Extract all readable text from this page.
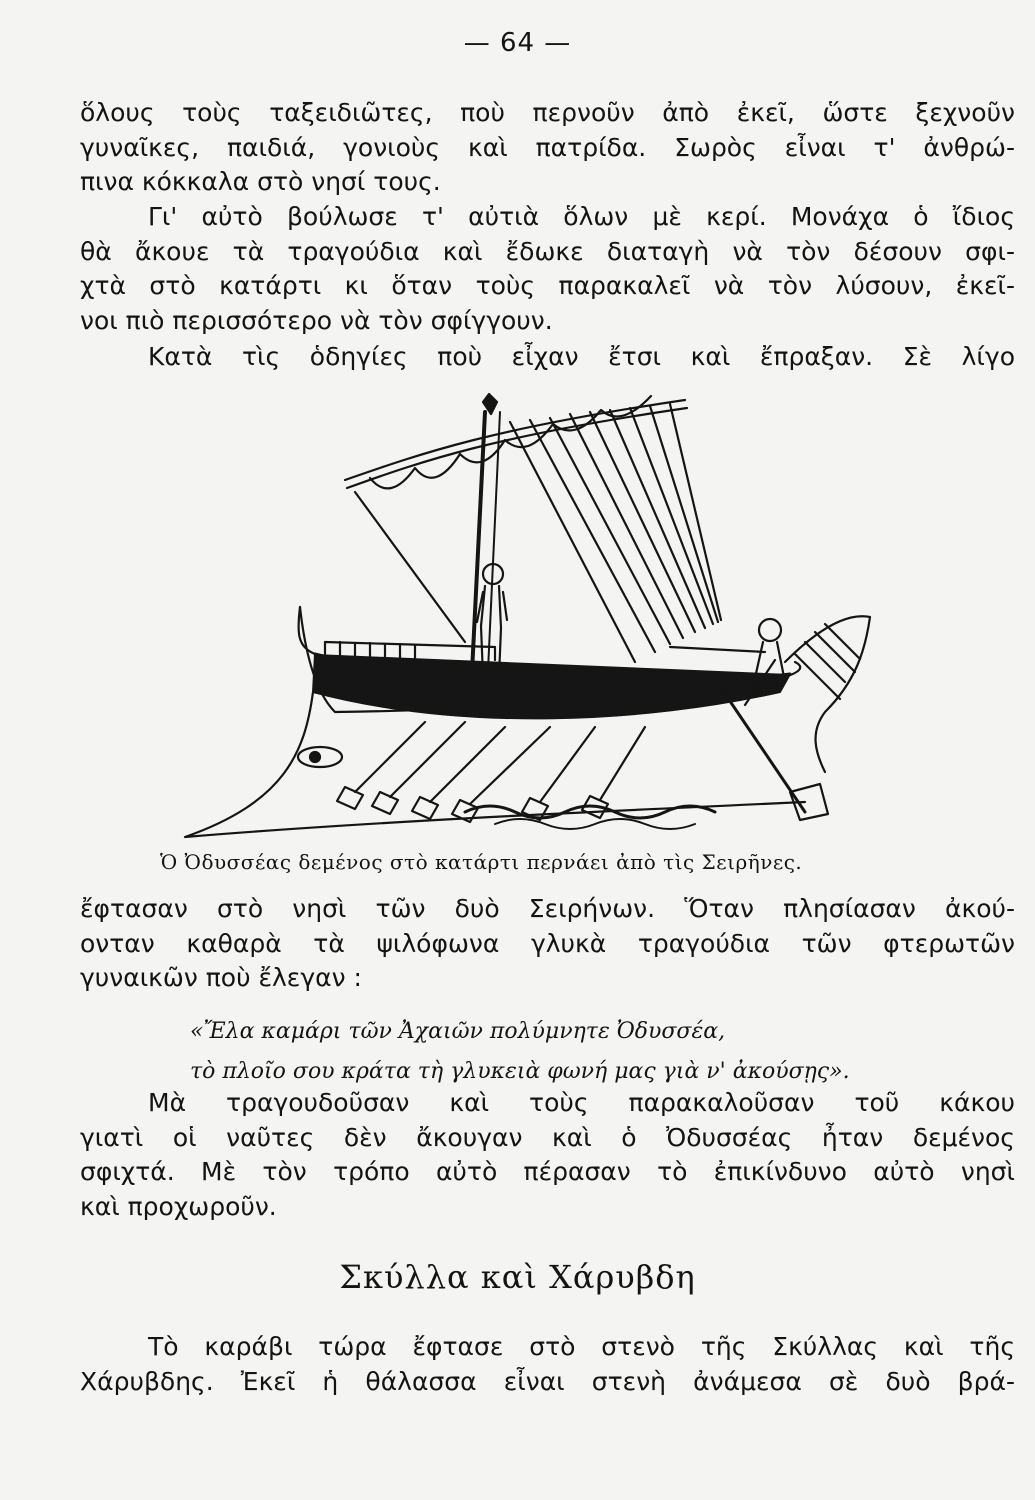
— 64 —
ὅλους τοὺς ταξειδιῶτες, ποὺ περνοῦν ἀπὸ ἐκεῖ, ὥστε ξεχνοῦν
γυναῖκες, παιδιά, γονιοὺς καὶ πατρίδα. Σωρὸς εἶναι τ' ἀνθρώ-
πινα κόκκαλα στὸ νησί τους.
Γι' αὐτὸ βούλωσε τ' αὐτιὰ ὅλων μὲ κερί. Μονάχα ὁ ἴδιος
θὰ ἄκουε τὰ τραγούδια καὶ ἔδωκε διαταγὴ νὰ τὸν δέσουν σφι-
χτὰ στὸ κατάρτι κι ὅταν τοὺς παρακαλεῖ νὰ τὸν λύσουν, ἐκεῖ-
νοι πιὸ περισσότερο νὰ τὸν σφίγγουν.
Κατὰ τὶς ὁδηγίες ποὺ εἶχαν ἔτσι καὶ ἔπραξαν. Σὲ λίγο
Ὁ Ὀδυσσέας δεμένος στὸ κατάρτι περνάει ἀπὸ τὶς Σειρῆνες.
ἔφτασαν στὸ νησὶ τῶν δυὸ Σειρήνων. Ὅταν πλησίασαν ἀκού-
ονταν καθαρὰ τὰ ψιλόφωνα γλυκὰ τραγούδια τῶν φτερωτῶν
γυναικῶν ποὺ ἔλεγαν :
«Ἔλα καμάρι τῶν Ἀχαιῶν πολύμνητε Ὀδυσσέα,
τὸ πλοῖο σου κράτα τὴ γλυκειὰ φωνή μας γιὰ ν' ἀκούσῃς».
Μὰ τραγουδοῦσαν καὶ τοὺς παρακαλοῦσαν τοῦ κάκου
γιατὶ οἱ ναῦτες δὲν ἄκουγαν καὶ ὁ Ὀδυσσέας ἦταν δεμένος
σφιχτά. Μὲ τὸν τρόπο αὐτὸ πέρασαν τὸ ἐπικίνδυνο αὐτὸ νησὶ
καὶ προχωροῦν.
Σκύλλα καὶ Χάρυβδη
Τὸ καράβι τώρα ἔφτασε στὸ στενὸ τῆς Σκύλλας καὶ τῆς
Χάρυβδης. Ἐκεῖ ἡ θάλασσα εἶναι στενὴ ἀνάμεσα σὲ δυὸ βρά-
